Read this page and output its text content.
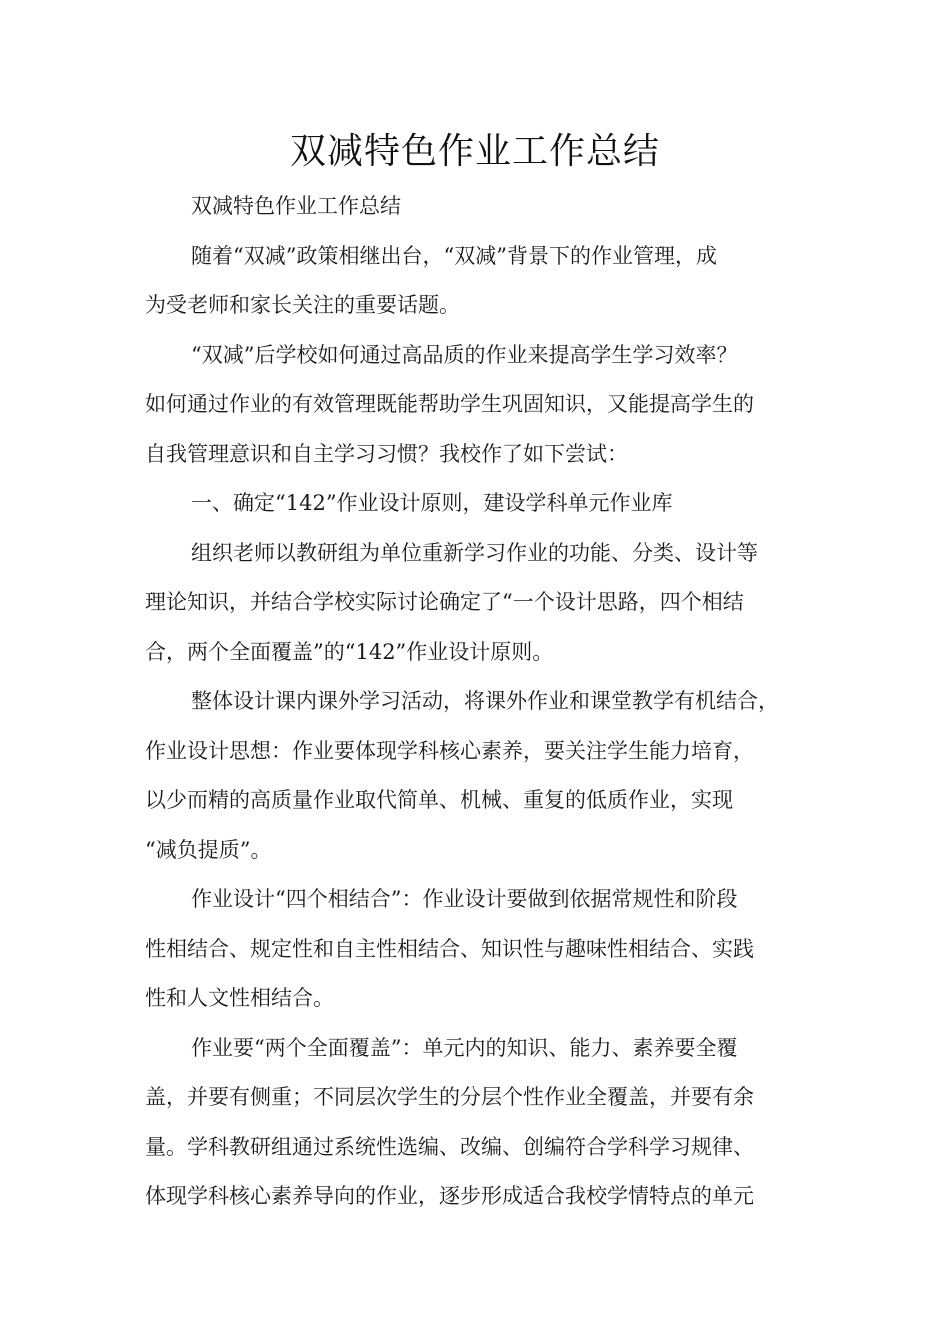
双减特色作业工作总结
双减特色作业工作总结
随着“双减”政策相继出台，“双减”背景下的作业管理，成
为受老师和家长关注的重要话题。
“双减”后学校如何通过高品质的作业来提高学生学习效率？
如何通过作业的有效管理既能帮助学生巩固知识，又能提高学生的
自我管理意识和自主学习习惯？我校作了如下尝试：
一、确定“142”作业设计原则，建设学科单元作业库
组织老师以教研组为单位重新学习作业的功能、分类、设计等
理论知识，并结合学校实际讨论确定了“一个设计思路，四个相结
合，两个全面覆盖”的“142”作业设计原则。
整体设计课内课外学习活动，将课外作业和课堂教学有机结合，
作业设计思想：作业要体现学科核心素养，要关注学生能力培育，
以少而精的高质量作业取代简单、机械、重复的低质作业，实现
“减负提质”。
作业设计“四个相结合”：作业设计要做到依据常规性和阶段
性相结合、规定性和自主性相结合、知识性与趣味性相结合、实践
性和人文性相结合。
作业要“两个全面覆盖”：单元内的知识、能力、素养要全覆
盖，并要有侧重；不同层次学生的分层个性作业全覆盖，并要有余
量。学科教研组通过系统性选编、改编、创编符合学科学习规律、
体现学科核心素养导向的作业，逐步形成适合我校学情特点的单元
